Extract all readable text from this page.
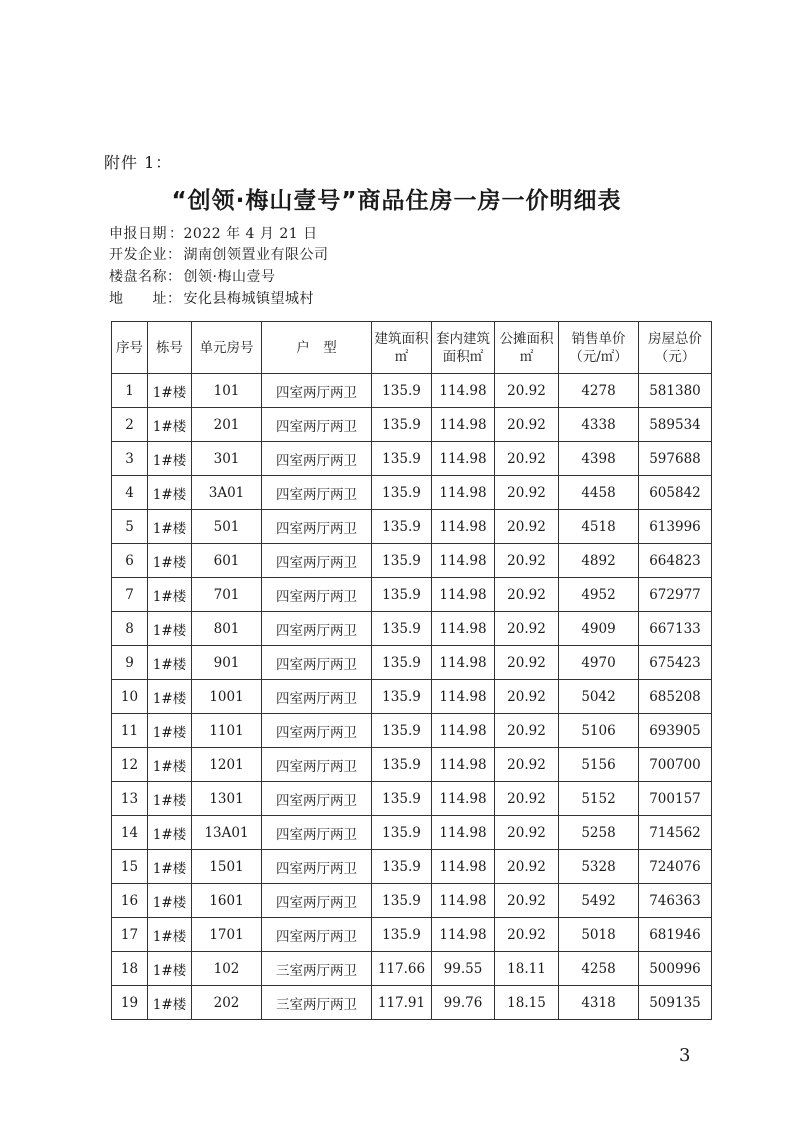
附件 1：
“创领·梅山壹号”商品住房一房一价明细表
申报日期 ：2022 年 4 月 21 日
开发企业： 湖南创领置业有限公司
楼盘名称： 创领·梅山壹号
地　　址： 安化县梅城镇望城村
序号	栋号	单元房号	户　型	建筑面积㎡	套内建筑面积㎡	公摊面积㎡	销售单价（元/㎡）	房屋总价（元）
1	1#楼	101	四室两厅两卫	135.9	114.98	20.92	4278	581380
2	1#楼	201	四室两厅两卫	135.9	114.98	20.92	4338	589534
3	1#楼	301	四室两厅两卫	135.9	114.98	20.92	4398	597688
4	1#楼	3A01	四室两厅两卫	135.9	114.98	20.92	4458	605842
5	1#楼	501	四室两厅两卫	135.9	114.98	20.92	4518	613996
6	1#楼	601	四室两厅两卫	135.9	114.98	20.92	4892	664823
7	1#楼	701	四室两厅两卫	135.9	114.98	20.92	4952	672977
8	1#楼	801	四室两厅两卫	135.9	114.98	20.92	4909	667133
9	1#楼	901	四室两厅两卫	135.9	114.98	20.92	4970	675423
10	1#楼	1001	四室两厅两卫	135.9	114.98	20.92	5042	685208
11	1#楼	1101	四室两厅两卫	135.9	114.98	20.92	5106	693905
12	1#楼	1201	四室两厅两卫	135.9	114.98	20.92	5156	700700
13	1#楼	1301	四室两厅两卫	135.9	114.98	20.92	5152	700157
14	1#楼	13A01	四室两厅两卫	135.9	114.98	20.92	5258	714562
15	1#楼	1501	四室两厅两卫	135.9	114.98	20.92	5328	724076
16	1#楼	1601	四室两厅两卫	135.9	114.98	20.92	5492	746363
17	1#楼	1701	四室两厅两卫	135.9	114.98	20.92	5018	681946
18	1#楼	102	三室两厅两卫	117.66	99.55	18.11	4258	500996
19	1#楼	202	三室两厅两卫	117.91	99.76	18.15	4318	509135
3
